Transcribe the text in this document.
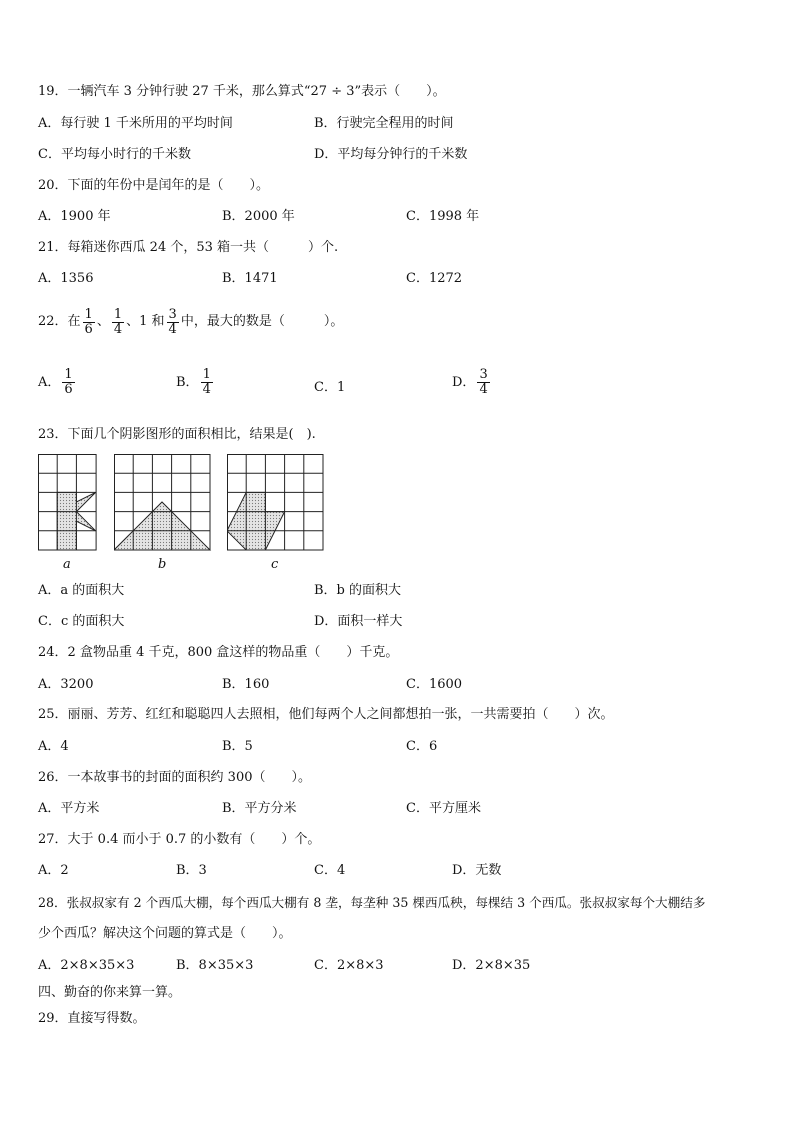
19．一辆汽车 3 分钟行驶 27 千米，那么算式“27 ÷ 3”表示（　　）。
A．每行驶 1 千米所用的平均时间	B．行驶完全程用的时间
C．平均每小时行的千米数	D．平均每分钟行的千米数
20．下面的年份中是闰年的是（　　）。
A．1900 年	B．2000 年	C．1998 年
21．每箱迷你西瓜 24 个，53 箱一共（　　　）个.
A．1356	B．1471	C．1272
22．在 $\frac{1}{6}$ 、 $\frac{1}{4}$ 、1 和 $\frac{3}{4}$ 中，最大的数是（　　　）。
A． $\frac{1}{6}$	B． $\frac{1}{4}$	C．1	D． $\frac{3}{4}$
23．下面几个阴影图形的面积相比，结果是(　).
a	b	c
A．a 的面积大	B．b 的面积大
C．c 的面积大	D．面积一样大
24．2 盒物品重 4 千克，800 盒这样的物品重（　　）千克。
A．3200	B．160	C．1600
25．丽丽、芳芳、红红和聪聪四人去照相，他们每两个人之间都想拍一张，一共需要拍（　　）次。
A．4	B．5	C．6
26．一本故事书的封面的面积约 300（　　）。
A．平方米	B．平方分米	C．平方厘米
27．大于 0.4 而小于 0.7 的小数有（　　）个。
A．2	B．3	C．4	D．无数
28．张叔叔家有 2 个西瓜大棚，每个西瓜大棚有 8 垄，每垄种 35 棵西瓜秧，每棵结 3 个西瓜。张叔叔家每个大棚结多
少个西瓜？解决这个问题的算式是（　　）。
A．2×8×35×3	B．8×35×3	C．2×8×3	D．2×8×35
四、勤奋的你来算一算。
29．直接写得数。
